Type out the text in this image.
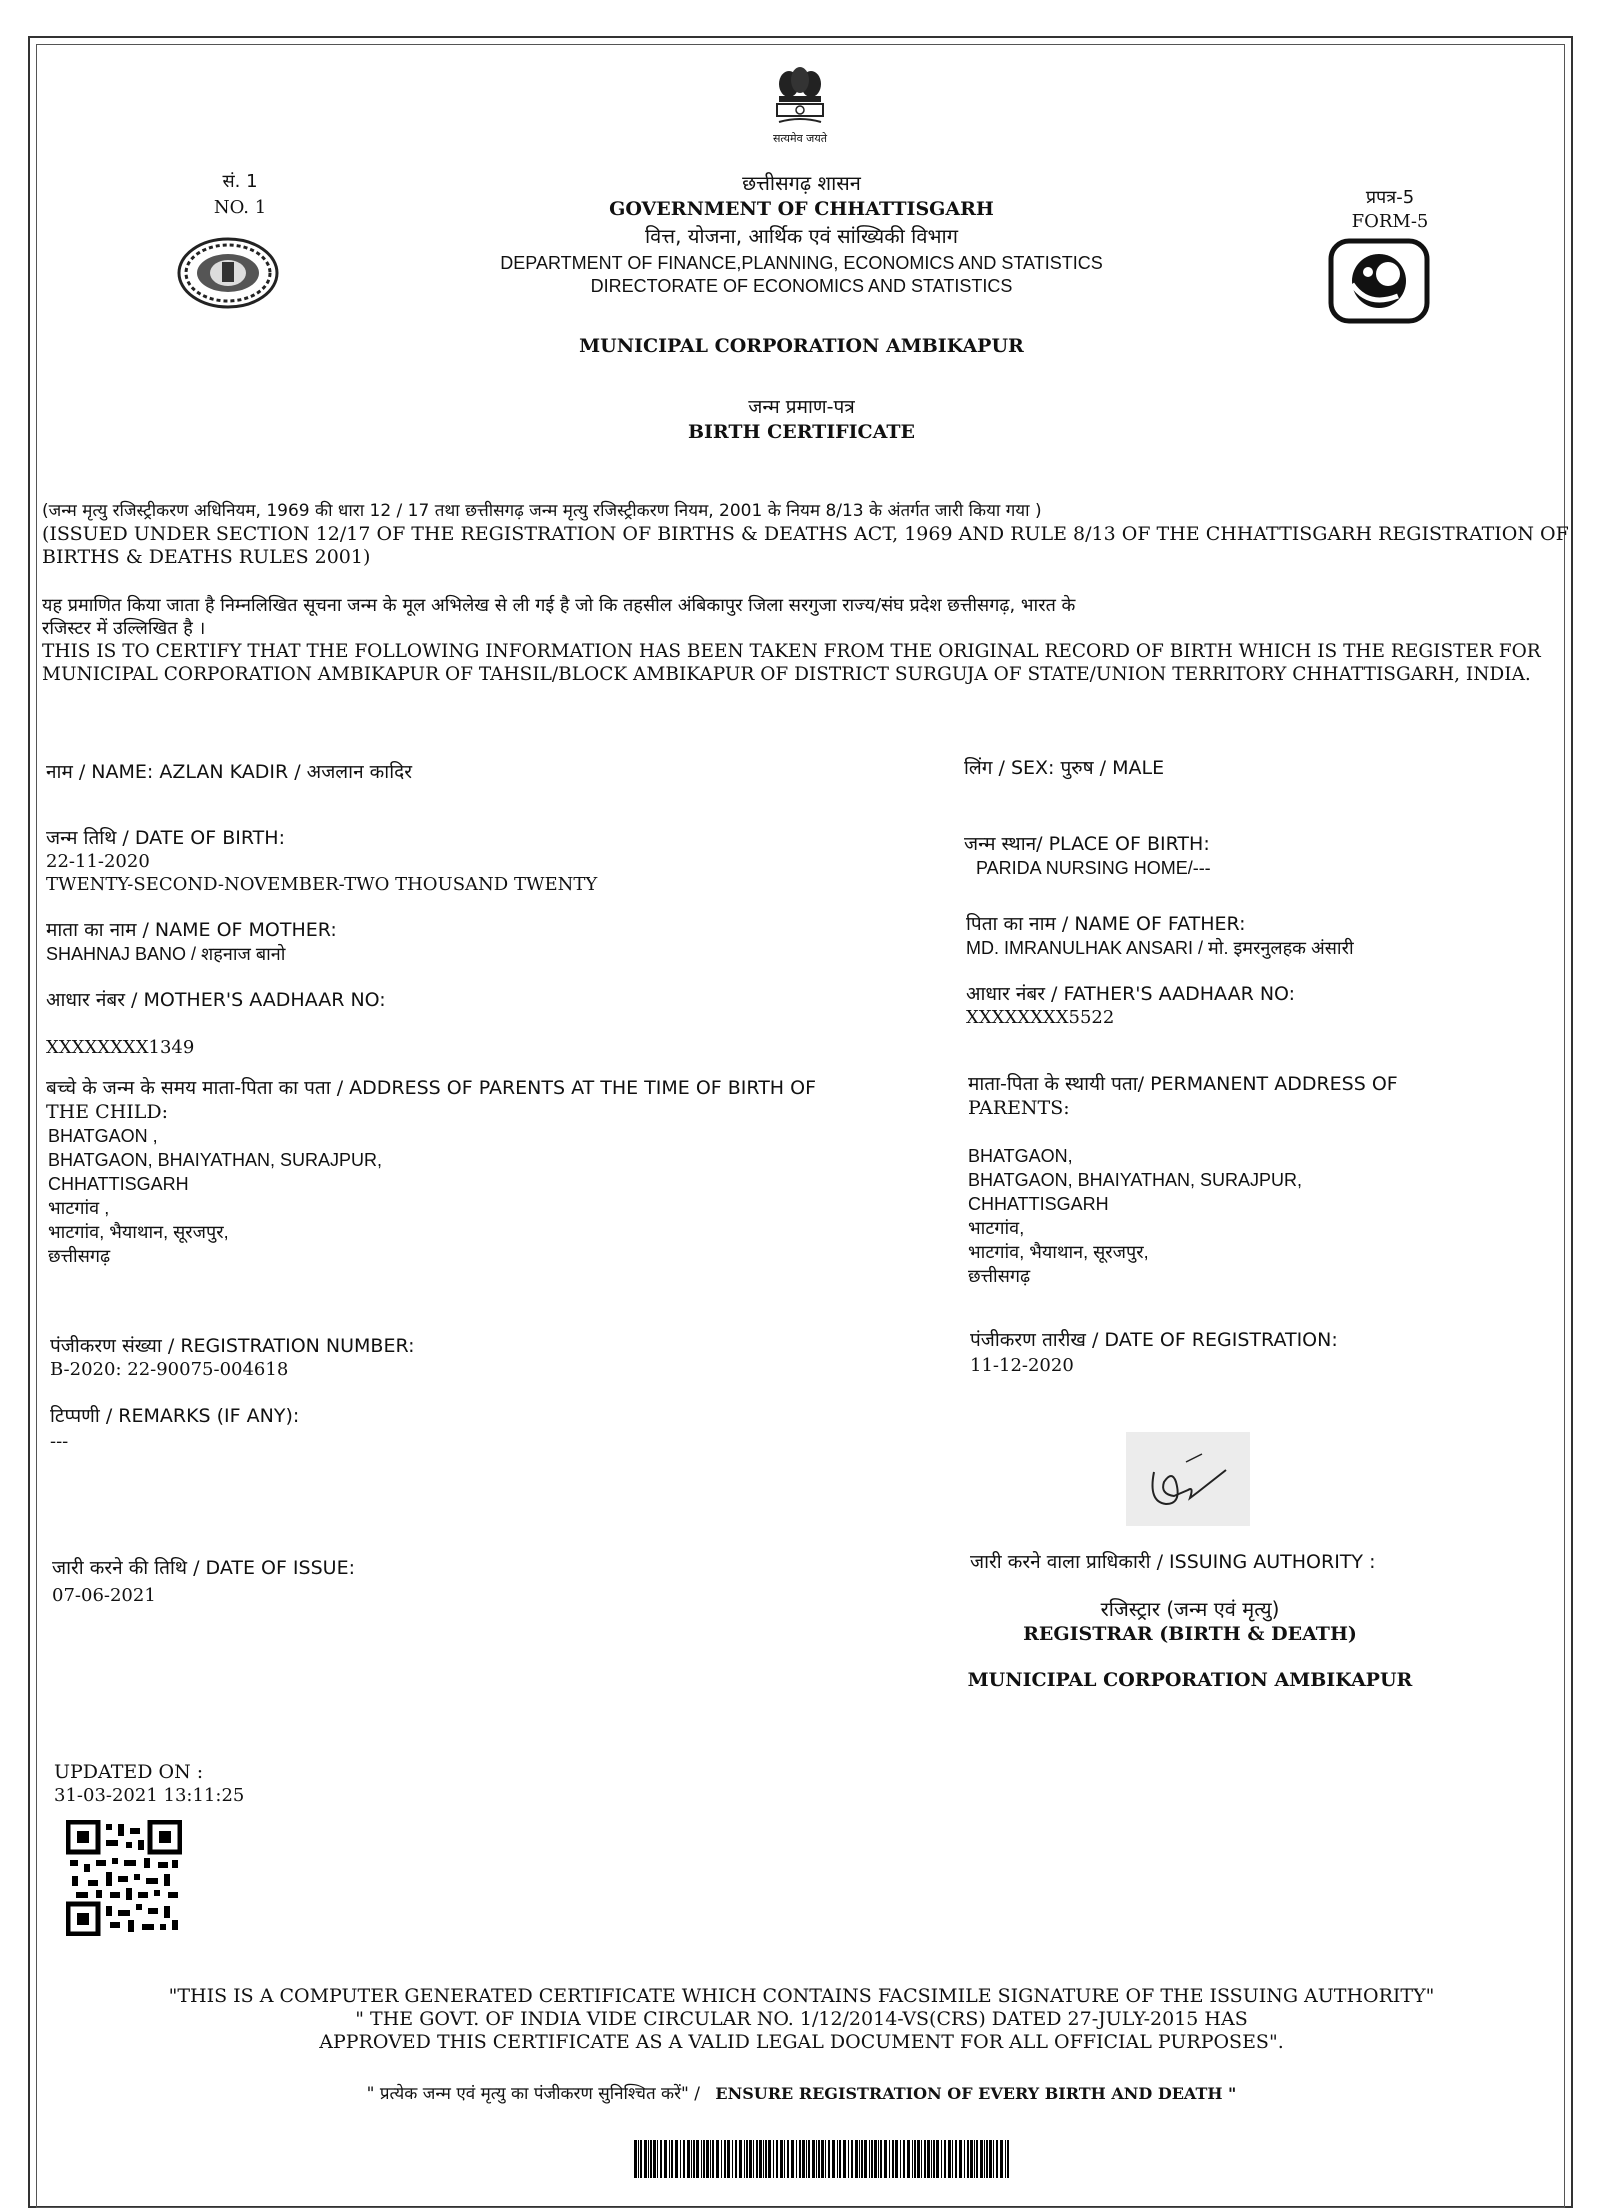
सत्यमेव जयते
सं. 1
NO. 1	प्रपत्र-5
FORM-5
छत्तीसगढ़ शासन
GOVERNMENT OF CHHATTISGARH
वित्त, योजना, आर्थिक एवं सांख्यिकी विभाग
DEPARTMENT OF FINANCE,PLANNING, ECONOMICS AND STATISTICS
DIRECTORATE OF ECONOMICS AND STATISTICS
MUNICIPAL CORPORATION AMBIKAPUR
जन्म प्रमाण-पत्र
BIRTH CERTIFICATE
(जन्म मृत्यु रजिस्ट्रीकरण अधिनियम, 1969 की धारा 12 / 17 तथा छत्तीसगढ़ जन्म मृत्यु रजिस्ट्रीकरण नियम, 2001 के नियम 8/13 के अंतर्गत जारी किया गया )
(ISSUED UNDER SECTION 12/17 OF THE REGISTRATION OF BIRTHS & DEATHS ACT, 1969 AND RULE 8/13 OF THE CHHATTISGARH REGISTRATION OF
BIRTHS & DEATHS RULES 2001)
यह प्रमाणित किया जाता है निम्नलिखित सूचना जन्म के मूल अभिलेख से ली गई है जो कि तहसील अंबिकापुर जिला सरगुजा राज्य/संघ प्रदेश छत्तीसगढ़, भारत के
रजिस्टर में उल्लिखित है ।
THIS IS TO CERTIFY THAT THE FOLLOWING INFORMATION HAS BEEN TAKEN FROM THE ORIGINAL RECORD OF BIRTH WHICH IS THE REGISTER FOR
MUNICIPAL CORPORATION AMBIKAPUR OF TAHSIL/BLOCK AMBIKAPUR OF DISTRICT SURGUJA OF STATE/UNION TERRITORY CHHATTISGARH, INDIA.
नाम / NAME: AZLAN KADIR / अजलान कादिर
जन्म तिथि / DATE OF BIRTH:
22-11-2020
TWENTY-SECOND-NOVEMBER-TWO THOUSAND TWENTY
माता का नाम / NAME OF MOTHER:
SHAHNAJ BANO / शहनाज बानो
आधार नंबर / MOTHER'S AADHAAR NO:
XXXXXXXX1349
बच्चे के जन्म के समय माता-पिता का पता / ADDRESS OF PARENTS AT THE TIME OF BIRTH OF
THE CHILD:
BHATGAON ,
BHATGAON, BHAIYATHAN, SURAJPUR,
CHHATTISGARH
भाटगांव ,
भाटगांव, भैयाथान, सूरजपुर,
छत्तीसगढ़
पंजीकरण संख्या / REGISTRATION NUMBER:
B-2020: 22-90075-004618
टिप्पणी / REMARKS (IF ANY):
---
जारी करने की तिथि / DATE OF ISSUE:
07-06-2021
लिंग / SEX: पुरुष / MALE
जन्म स्थान/ PLACE OF BIRTH:
PARIDA NURSING HOME/---
पिता का नाम / NAME OF FATHER:
MD. IMRANULHAK ANSARI / मो. इमरनुलहक अंसारी
आधार नंबर / FATHER'S AADHAAR NO:
XXXXXXXX5522
माता-पिता के स्थायी पता/ PERMANENT ADDRESS OF
PARENTS:
BHATGAON,
BHATGAON, BHAIYATHAN, SURAJPUR,
CHHATTISGARH
भाटगांव,
भाटगांव, भैयाथान, सूरजपुर,
छत्तीसगढ़
पंजीकरण तारीख / DATE OF REGISTRATION:
11-12-2020
जारी करने वाला प्राधिकारी / ISSUING AUTHORITY :
रजिस्ट्रार (जन्म एवं मृत्यु)
REGISTRAR (BIRTH & DEATH)
MUNICIPAL CORPORATION AMBIKAPUR
UPDATED ON :
31-03-2021 13:11:25
"THIS IS A COMPUTER GENERATED CERTIFICATE WHICH CONTAINS FACSIMILE SIGNATURE OF THE ISSUING AUTHORITY"
" THE GOVT. OF INDIA VIDE CIRCULAR NO. 1/12/2014-VS(CRS) DATED 27-JULY-2015 HAS
APPROVED THIS CERTIFICATE AS A VALID LEGAL DOCUMENT FOR ALL OFFICIAL PURPOSES".
" प्रत्येक जन्म एवं मृत्यु का पंजीकरण सुनिश्चित करें" / ENSURE REGISTRATION OF EVERY BIRTH AND DEATH "
